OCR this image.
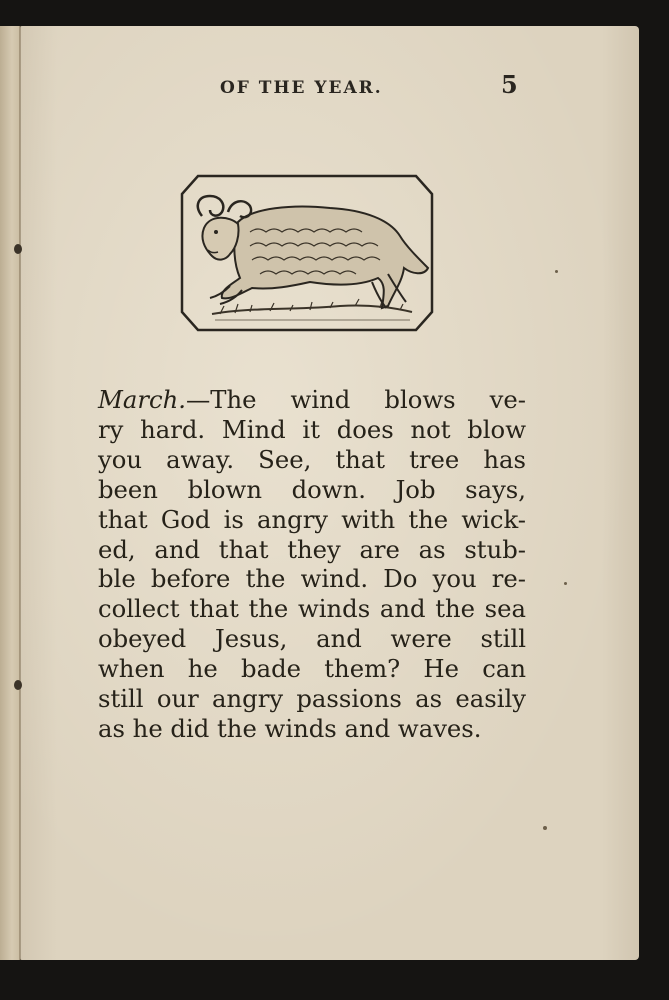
OF THE YEAR.	5
March.—The wind blows ve-
ry hard. Mind it does not blow
you away. See, that tree has
been blown down. Job says,
that God is angry with the wick-
ed, and that they are as stub-
ble before the wind. Do you re-
collect that the winds and the sea
obeyed Jesus, and were still
when he bade them? He can
still our angry passions as easily
as he did the winds and waves.
